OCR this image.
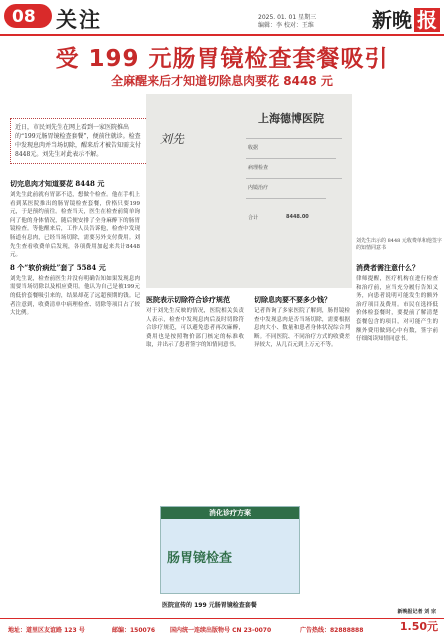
08 关注	2025. 01. 01 星期三
编辑：李 校对：王维	新晚 报
受 199 元肠胃镜检查套餐吸引
全麻醒来后才知道切除息肉要花 8448 元
近日，市民刘先生在网上看到一家医院推出的“199元肠胃镜检查套餐”，便前往就诊。检查中发现息肉并当场切除，醒来后才被告知需支付8448元。刘先生对此表示不解。
切完息肉才知道要花 8448 元
刘先生此前就有胃部不适，想做个检查。他在手机上看到某医院推出的肠胃镜检查套餐，价格只要199元，于是预约前往。检查当天，医生在检查前简单询问了他的身体情况，随后便安排了全身麻醉下的肠胃镜检查。等他醒来后，工作人员告诉他，检查中发现肠道有息肉，已经当场切除，需要另外支付费用。刘先生查看收费单后发现，各项费用加起来共计8448元。
8 个“软价病灶”套了 5584 元
刘先生说，检查前医生并没有明确告知如果发现息肉需要当场切除以及相应费用。他认为自己是被199元的低价套餐吸引来的，结果却花了远超预期的钱。记者注意到，收费清单中病理检查、切除等项目占了较大比例。
刘先
上海德博医院
收据
病理检查
内镜治疗
合计	8448.00
刘先生出示的 8448 元收费单和他签字的知情同意书
医院表示切除符合诊疗规范
对于刘先生反映的情况，医院相关负责人表示，检查中发现息肉后及时切除符合诊疗规范，可以避免患者再次麻醉，费用也是按照物价部门核定的标准收取，并出示了患者签字的知情同意书。
切除息肉要不要多少钱？
记者咨询了多家医院了解到，肠胃镜检查中发现息肉是否当场切除，需要根据息肉大小、数量和患者身体状况综合判断。不同医院、不同治疗方式的收费差异较大，从几百元到上万元不等。
消费者需注意什么？
律师提醒，医疗机构在进行检查和治疗前，应当充分履行告知义务，向患者说明可能发生的额外治疗项目及费用。市民在选择低价体检套餐时，要提前了解清楚套餐包含的项目，对可能产生的额外费用做到心中有数，签字前仔细阅读知情同意书。
消化诊疗方案
肠胃镜检查
医院宣传的 199 元肠胃镜检查套餐
新晚报记者 刘 宗
地址：道里区友谊路 123 号	邮编：150076 国内统一连续出版物号 CN 23-0070	广告热线：82888888	1.50元
